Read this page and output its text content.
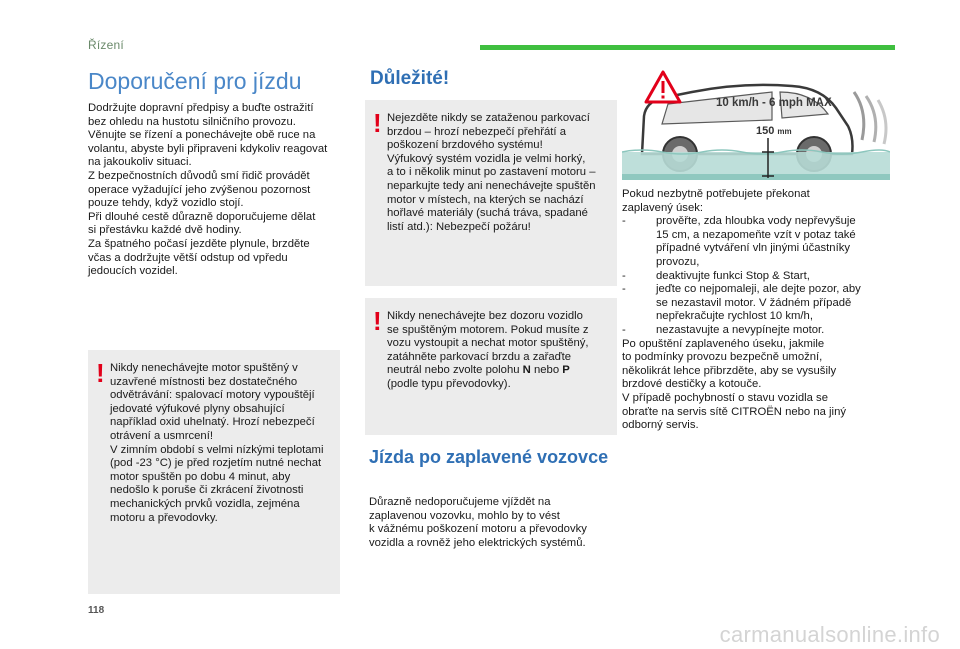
Řízení
Doporučení pro jízdu
Dodržujte dopravní předpisy a buďte ostražití
bez ohledu na hustotu silničního provozu.
Věnujte se řízení a ponechávejte obě ruce na
volantu, abyste byli připraveni kdykoliv reagovat
na jakoukoliv situaci.
Z bezpečnostních důvodů smí řidič provádět
operace vyžadující jeho zvýšenou pozornost
pouze tehdy, když vozidlo stojí.
Při dlouhé cestě důrazně doporučujeme dělat
si přestávku každé dvě hodiny.
Za špatného počasí jezděte plynule, brzděte
včas a dodržujte větší odstup od vpředu
jedoucích vozidel.
! Nikdy nenechávejte motor spuštěný v
uzavřené místnosti bez dostatečného
odvětrávání: spalovací motory vypouštějí
jedovaté výfukové plyny obsahující
například oxid uhelnatý. Hrozí nebezpečí
otrávení a usmrcení!
V zimním období s velmi nízkými teplotami
(pod -23 °C) je před rozjetím nutné nechat
motor spuštěn po dobu 4 minut, aby
nedošlo k poruše či zkrácení životnosti
mechanických prvků vozidla, zejména
motoru a převodovky.
Důležité!
! Nejezděte nikdy se zataženou parkovací
brzdou – hrozí nebezpečí přehřátí a
poškození brzdového systému!
Výfukový systém vozidla je velmi horký,
a to i několik minut po zastavení motoru –
neparkujte tedy ani nenechávejte spuštěn
motor v místech, na kterých se nachází
hořlavé materiály (suchá tráva, spadané
listí atd.): Nebezpečí požáru!
! Nikdy nenechávejte bez dozoru vozidlo
se spuštěným motorem. Pokud musíte z
vozu vystoupit a nechat motor spuštěný,
zatáhněte parkovací brzdu a zařaďte
neutrál nebo zvolte polohu N nebo P
(podle typu převodovky).
Jízda po zaplavené vozovce
Důrazně nedoporučujeme vjíždět na
zaplavenou vozovku, mohlo by to vést
k vážnému poškození motoru a převodovky
vozidla a rovněž jeho elektrických systémů.
10 km/h - 6 mph MAX
150 mm

Pokud nezbytně potřebujete překonat
zaplavený úsek:

-	prověřte, zda hloubka vody nepřevyšuje
15 cm, a nezapomeňte vzít v potaz také
případné vytváření vln jinými účastníky
provozu,

-	deaktivujte funkci Stop & Start,

-	jeďte co nejpomaleji, ale dejte pozor, aby
se nezastavil motor. V žádném případě
nepřekračujte rychlost 10 km/h,

-	nezastavujte a nevypínejte motor.

Po opuštění zaplaveného úseku, jakmile
to podmínky provozu bezpečně umožní,
několikrát lehce přibrzděte, aby se vysušily
brzdové destičky a kotouče.
V případě pochybností o stavu vozidla se
obraťte na servis sítě CITROËN nebo na jiný
odborný servis.

118
carmanualsonline.info
